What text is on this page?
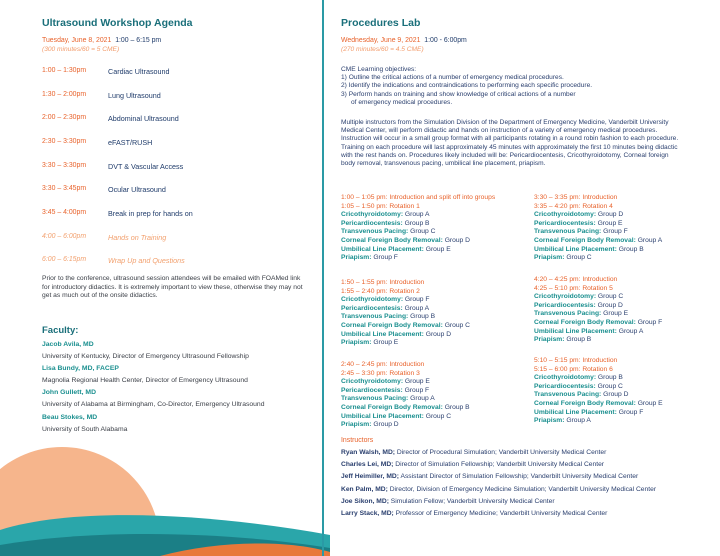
Ultrasound Workshop Agenda
Tuesday, June 8, 2021 1:00 – 6:15 pm
(300 minutes/60 = 5 CME)
1:00 – 1:30pm	Cardiac Ultrasound
1:30 – 2:00pm	Lung Ultrasound
2:00 – 2:30pm	Abdominal Ultrasound
2:30 – 3:30pm	eFAST/RUSH
3:30 – 3:30pm	DVT & Vascular Access
3:30 – 3:45pm	Ocular Ultrasound
3:45 – 4:00pm	Break in prep for hands on
4:00 – 6:00pm	Hands on Training
6:00 – 6:15pm	Wrap Up and Questions
Prior to the conference, ultrasound session attendees will be emailed with FOAMed link for introductory didactics. It is extremely important to view these, otherwise they may not get as much out of the onsite didactics.
Faculty:
Jacob Avila, MD
University of Kentucky, Director of Emergency Ultrasound Fellowship
Lisa Bundy, MD, FACEP
Magnolia Regional Health Center, Director of Emergency Ultrasound
John Gullett, MD
University of Alabama at Birmingham, Co-Director, Emergency Ultrasound
Beau Stokes, MD
University of South Alabama
Procedures Lab
Wednesday, June 9, 2021 1:00 - 6:00pm
(270 minutes/60 = 4.5 CME)
CME Learning objectives:
1) Outline the critical actions of a number of emergency medical procedures.
2) Identify the indications and contraindications to performing each specific procedure.
3) Perform hands on training and show knowledge of critical actions of a number
of emergency medical procedures.
Multiple instructors from the Simulation Division of the Department of Emergency Medicine, Vanderbilt University Medical Center, will perform didactic and hands on instruction of a variety of emergency medical procedures. Instruction will occur in a small group format with all participants rotating in a round robin fashion to each procedure. Training on each procedure will last approximately 45 minutes with approximately the first 10 minutes being didactic with the rest hands on. Procedures likely included will be: Pericardiocentesis, Cricothyroidotomy, Corneal foreign body removal, transvenous pacing, umbilical line placement, priapism.
1:00 – 1:05 pm: Introduction and split off into groups
1:05 – 1:50 pm: Rotation 1
Cricothyroidotomy: Group A
Pericardiocentesis: Group B
Transvenous Pacing: Group C
Corneal Foreign Body Removal: Group D
Umbilical Line Placement: Group E
Priapism: Group F
1:50 – 1:55 pm: Introduction
1:55 – 2:40 pm: Rotation 2
Cricothyroidotomy: Group F
Pericardiocentesis: Group A
Transvenous Pacing: Group B
Corneal Foreign Body Removal: Group C
Umbilical Line Placement: Group D
Priapism: Group E
2:40 – 2:45 pm: Introduction
2:45 – 3:30 pm: Rotation 3
Cricothyroidotomy: Group E
Pericardiocentesis: Group F
Transvenous Pacing: Group A
Corneal Foreign Body Removal: Group B
Umbilical Line Placement: Group C
Priapism: Group D
3:30 – 3:35 pm: Introduction
3:35 – 4:20 pm: Rotation 4
Cricothyroidotomy: Group D
Pericardiocentesis: Group E
Transvenous Pacing: Group F
Corneal Foreign Body Removal: Group A
Umbilical Line Placement: Group B
Priapism: Group C
4:20 – 4:25 pm: Introduction
4:25 – 5:10 pm: Rotation 5
Cricothyroidotomy: Group C
Pericardiocentesis: Group D
Transvenous Pacing: Group E
Corneal Foreign Body Removal: Group F
Umbilical Line Placement: Group A
Priapism: Group B
5:10 – 5:15 pm: Introduction
5:15 – 6:00 pm: Rotation 6
Cricothyroidotomy: Group B
Pericardiocentesis: Group C
Transvenous Pacing: Group D
Corneal Foreign Body Removal: Group E
Umbilical Line Placement: Group F
Priapism: Group A
Instructors
Ryan Walsh, MD; Director of Procedural Simulation; Vanderbilt University Medical Center
Charles Lei, MD; Director of Simulation Fellowship; Vanderbilt University Medical Center
Jeff Heimiller, MD; Assistant Director of Simulation Fellowship; Vanderbilt University Medical Center
Ken Palm, MD; Director, Division of Emergency Medicine Simulation; Vanderbilt University Medical Center
Joe Sikon, MD; Simulation Fellow; Vanderbilt University Medical Center
Larry Stack, MD; Professor of Emergency Medicine; Vanderbilt University Medical Center
